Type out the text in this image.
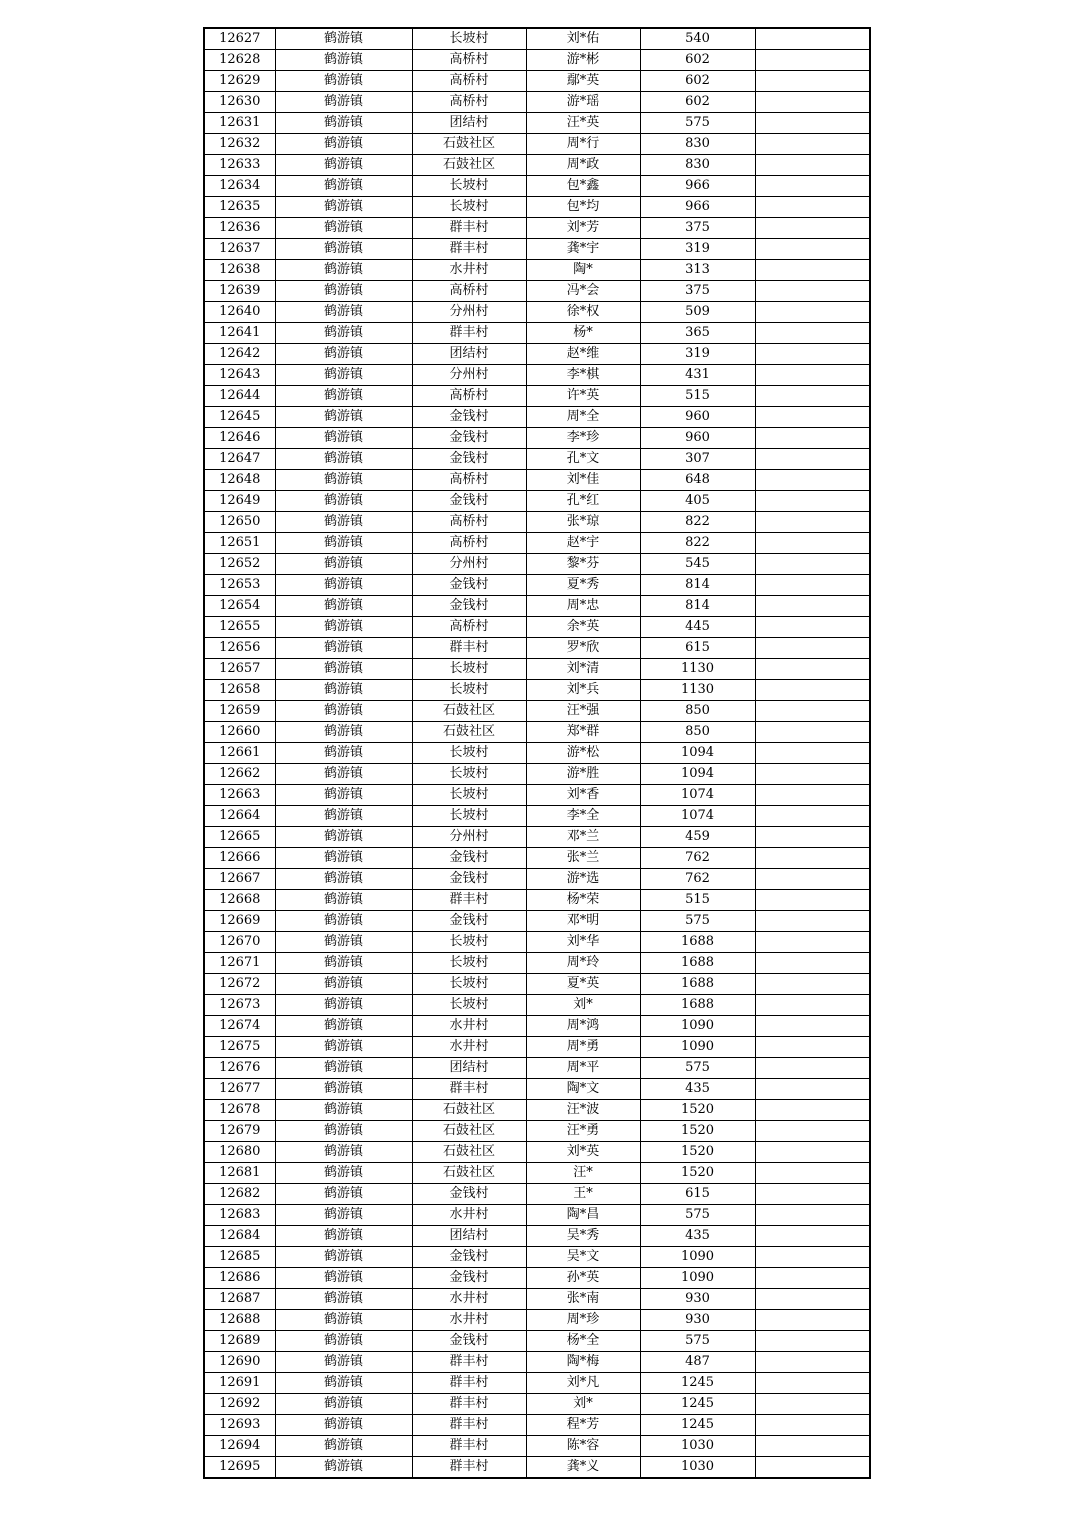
12627	鹤游镇	长坡村	刘*佑	540	
12628	鹤游镇	高桥村	游*彬	602	
12629	鹤游镇	高桥村	鄢*英	602	
12630	鹤游镇	高桥村	游*瑶	602	
12631	鹤游镇	团结村	汪*英	575	
12632	鹤游镇	石鼓社区	周*行	830	
12633	鹤游镇	石鼓社区	周*政	830	
12634	鹤游镇	长坡村	包*鑫	966	
12635	鹤游镇	长坡村	包*均	966	
12636	鹤游镇	群丰村	刘*芳	375	
12637	鹤游镇	群丰村	龚*宇	319	
12638	鹤游镇	水井村	陶*	313	
12639	鹤游镇	高桥村	冯*会	375	
12640	鹤游镇	分州村	徐*权	509	
12641	鹤游镇	群丰村	杨*	365	
12642	鹤游镇	团结村	赵*维	319	
12643	鹤游镇	分州村	李*棋	431	
12644	鹤游镇	高桥村	许*英	515	
12645	鹤游镇	金钱村	周*全	960	
12646	鹤游镇	金钱村	李*珍	960	
12647	鹤游镇	金钱村	孔*文	307	
12648	鹤游镇	高桥村	刘*佳	648	
12649	鹤游镇	金钱村	孔*红	405	
12650	鹤游镇	高桥村	张*琼	822	
12651	鹤游镇	高桥村	赵*宇	822	
12652	鹤游镇	分州村	黎*芬	545	
12653	鹤游镇	金钱村	夏*秀	814	
12654	鹤游镇	金钱村	周*忠	814	
12655	鹤游镇	高桥村	余*英	445	
12656	鹤游镇	群丰村	罗*欣	615	
12657	鹤游镇	长坡村	刘*清	1130	
12658	鹤游镇	长坡村	刘*兵	1130	
12659	鹤游镇	石鼓社区	汪*强	850	
12660	鹤游镇	石鼓社区	郑*群	850	
12661	鹤游镇	长坡村	游*松	1094	
12662	鹤游镇	长坡村	游*胜	1094	
12663	鹤游镇	长坡村	刘*香	1074	
12664	鹤游镇	长坡村	李*全	1074	
12665	鹤游镇	分州村	邓*兰	459	
12666	鹤游镇	金钱村	张*兰	762	
12667	鹤游镇	金钱村	游*选	762	
12668	鹤游镇	群丰村	杨*荣	515	
12669	鹤游镇	金钱村	邓*明	575	
12670	鹤游镇	长坡村	刘*华	1688	
12671	鹤游镇	长坡村	周*玲	1688	
12672	鹤游镇	长坡村	夏*英	1688	
12673	鹤游镇	长坡村	刘*	1688	
12674	鹤游镇	水井村	周*鸿	1090	
12675	鹤游镇	水井村	周*勇	1090	
12676	鹤游镇	团结村	周*平	575	
12677	鹤游镇	群丰村	陶*文	435	
12678	鹤游镇	石鼓社区	汪*波	1520	
12679	鹤游镇	石鼓社区	汪*勇	1520	
12680	鹤游镇	石鼓社区	刘*英	1520	
12681	鹤游镇	石鼓社区	汪*	1520	
12682	鹤游镇	金钱村	王*	615	
12683	鹤游镇	水井村	陶*昌	575	
12684	鹤游镇	团结村	吴*秀	435	
12685	鹤游镇	金钱村	吴*文	1090	
12686	鹤游镇	金钱村	孙*英	1090	
12687	鹤游镇	水井村	张*南	930	
12688	鹤游镇	水井村	周*珍	930	
12689	鹤游镇	金钱村	杨*全	575	
12690	鹤游镇	群丰村	陶*梅	487	
12691	鹤游镇	群丰村	刘*凡	1245	
12692	鹤游镇	群丰村	刘*	1245	
12693	鹤游镇	群丰村	程*芳	1245	
12694	鹤游镇	群丰村	陈*容	1030	
12695	鹤游镇	群丰村	龚*义	1030	
